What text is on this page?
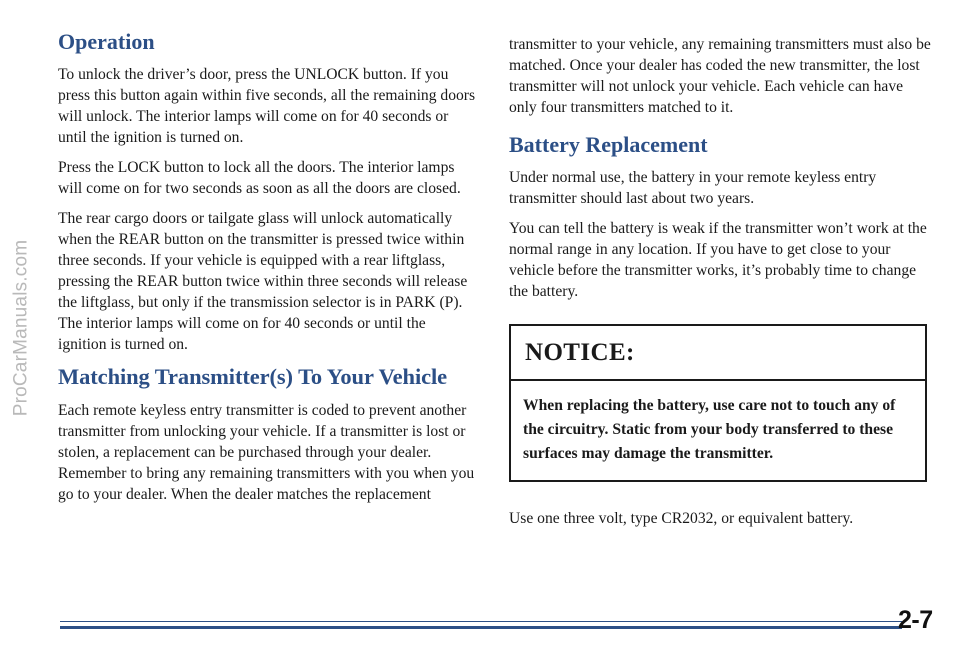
ProCarManuals.com
Operation

To unlock the driver’s door, press the UNLOCK button. If you press this button again within five seconds, all the remaining doors will unlock. The interior lamps will come on for 40 seconds or until the ignition is turned on.

Press the LOCK button to lock all the doors. The interior lamps will come on for two seconds as soon as all the doors are closed.

The rear cargo doors or tailgate glass will unlock automatically when the REAR button on the transmitter is pressed twice within three seconds. If your vehicle is equipped with a rear liftglass, pressing the REAR button twice within three seconds will release the liftglass, but only if the transmission selector is in PARK (P). The interior lamps will come on for 40 seconds or until the ignition is turned on.

Matching Transmitter(s) To Your Vehicle

Each remote keyless entry transmitter is coded to prevent another transmitter from unlocking your vehicle. If a transmitter is lost or stolen, a replacement can be purchased through your dealer. Remember to bring any remaining transmitters with you when you go to your dealer. When the dealer matches the replacement

transmitter to your vehicle, any remaining transmitters must also be matched. Once your dealer has coded the new transmitter, the lost transmitter will not unlock your vehicle. Each vehicle can have only four transmitters matched to it.

Battery Replacement

Under normal use, the battery in your remote keyless entry transmitter should last about two years.

You can tell the battery is weak if the transmitter won’t work at the normal range in any location. If you have to get close to your vehicle before the transmitter works, it’s probably time to change the battery.

NOTICE:
When replacing the battery, use care not to touch any of the circuitry. Static from your body transferred to these surfaces may damage the transmitter.

Use one three volt, type CR2032, or equivalent battery.

2-7
